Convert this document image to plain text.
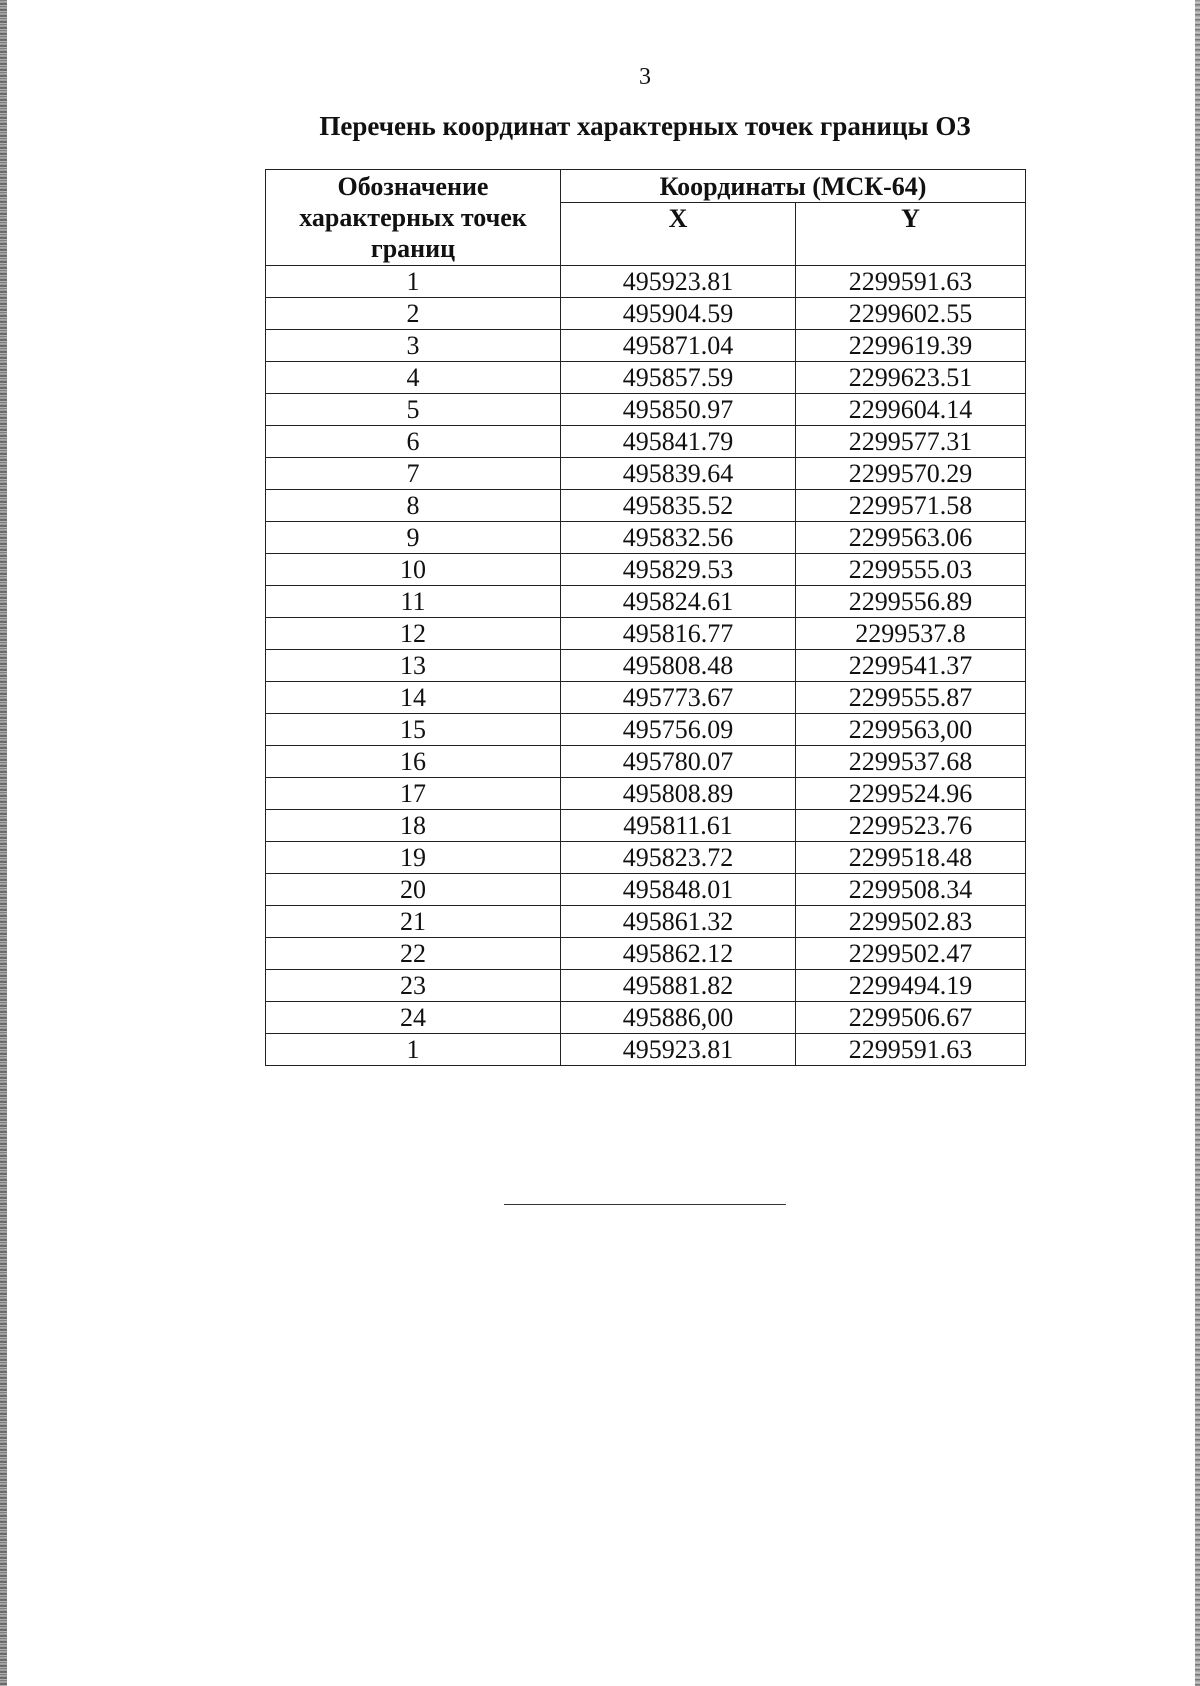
3
Перечень координат характерных точек границы ОЗ
Обозначение характерных точек границ	Координаты (МСК-64)	
	X	Y
1	495923.81	2299591.63
2	495904.59	2299602.55
3	495871.04	2299619.39
4	495857.59	2299623.51
5	495850.97	2299604.14
6	495841.79	2299577.31
7	495839.64	2299570.29
8	495835.52	2299571.58
9	495832.56	2299563.06
10	495829.53	2299555.03
11	495824.61	2299556.89
12	495816.77	2299537.8
13	495808.48	2299541.37
14	495773.67	2299555.87
15	495756.09	2299563,00
16	495780.07	2299537.68
17	495808.89	2299524.96
18	495811.61	2299523.76
19	495823.72	2299518.48
20	495848.01	2299508.34
21	495861.32	2299502.83
22	495862.12	2299502.47
23	495881.82	2299494.19
24	495886,00	2299506.67
1	495923.81	2299591.63
